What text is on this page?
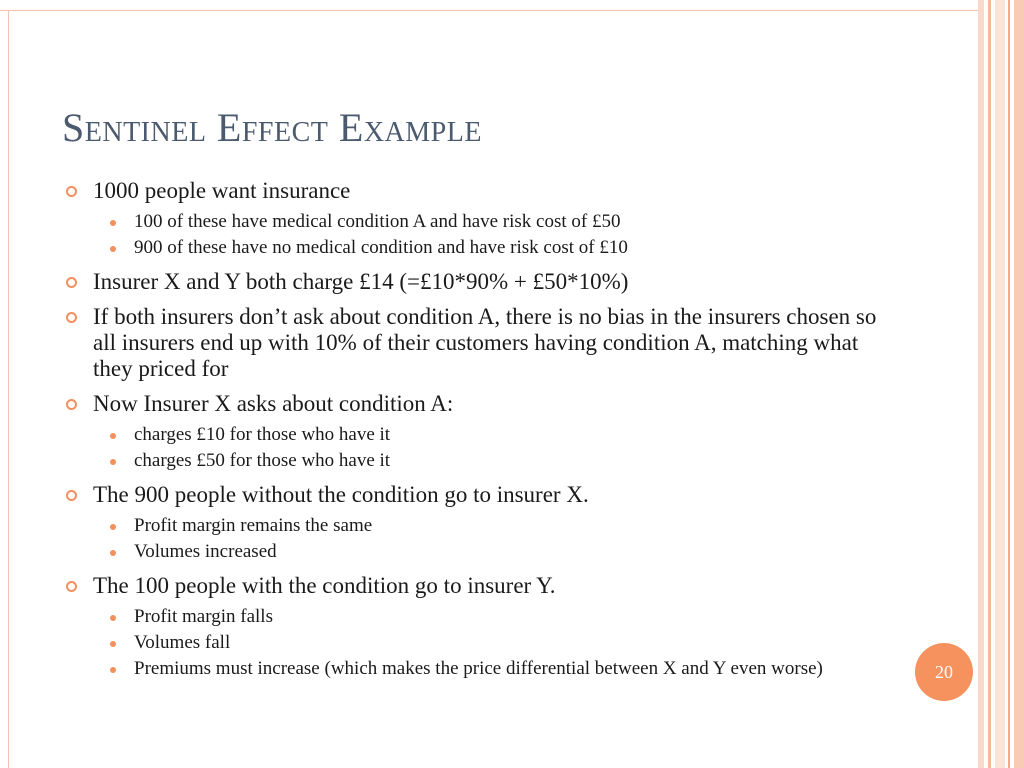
Sentinel Effect Example
1000 people want insurance
100 of these have medical condition A and have risk cost of £50
900 of these have no medical condition and have risk cost of £10
Insurer X and Y both charge £14 (=£10*90% + £50*10%)
If both insurers don’t ask about condition A, there is no bias in the insurers chosen so all insurers end up with 10% of their customers having condition A, matching what they priced for
Now Insurer X asks about condition A:
charges £10 for those who have it
charges £50 for those who have it
The 900 people without the condition go to insurer X.
Profit margin remains the same
Volumes increased
The 100 people with the condition go to insurer Y.
Profit margin falls
Volumes fall
Premiums must increase (which makes the price differential between X and Y even worse)	20
